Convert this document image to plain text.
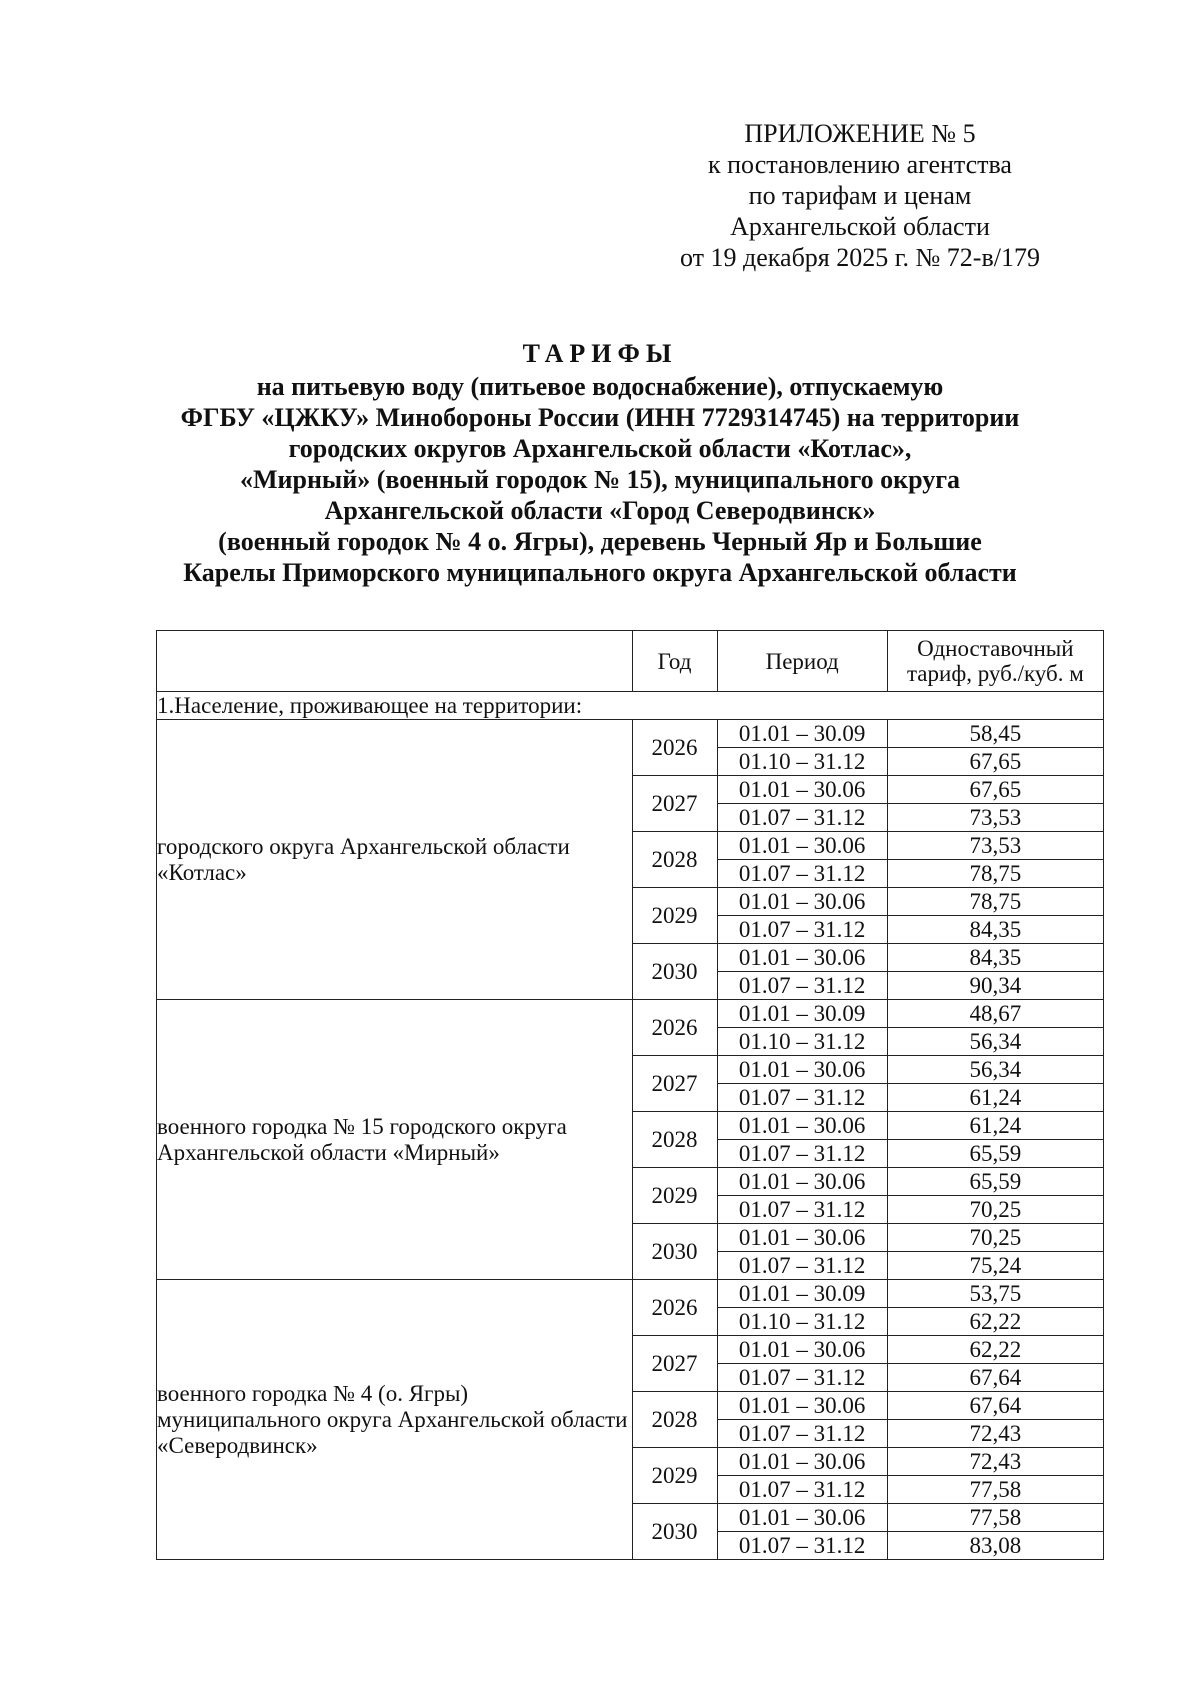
ПРИЛОЖЕНИЕ № 5
к постановлению агентства
по тарифам и ценам
Архангельской области
от 19 декабря 2025 г. № 72-в/179
ТАРИФЫ
на питьевую воду (питьевое водоснабжение), отпускаемую
ФГБУ «ЦЖКУ» Минобороны России (ИНН 7729314745) на территории
городских округов Архангельской области «Котлас»,
«Мирный» (военный городок № 15), муниципального округа
Архангельской области «Город Северодвинск»
(военный городок № 4 о. Ягры), деревень Черный Яр и Большие
Карелы Приморского муниципального округа Архангельской области
	Год	Период	Одноставочный тариф, руб./куб. м
1.Население, проживающее на территории:			
городского округа Архангельской области «Котлас»	2026	01.01 – 30.09	58,45
		01.10 – 31.12	67,65
	2027	01.01 – 30.06	67,65
		01.07 – 31.12	73,53
	2028	01.01 – 30.06	73,53
		01.07 – 31.12	78,75
	2029	01.01 – 30.06	78,75
		01.07 – 31.12	84,35
	2030	01.01 – 30.06	84,35
		01.07 – 31.12	90,34
военного городка № 15 городского округа Архангельской области «Мирный»	2026	01.01 – 30.09	48,67
		01.10 – 31.12	56,34
	2027	01.01 – 30.06	56,34
		01.07 – 31.12	61,24
	2028	01.01 – 30.06	61,24
		01.07 – 31.12	65,59
	2029	01.01 – 30.06	65,59
		01.07 – 31.12	70,25
	2030	01.01 – 30.06	70,25
		01.07 – 31.12	75,24
военного городка № 4 (о. Ягры) муниципального округа Архангельской области «Северодвинск»	2026	01.01 – 30.09	53,75
		01.10 – 31.12	62,22
	2027	01.01 – 30.06	62,22
		01.07 – 31.12	67,64
	2028	01.01 – 30.06	67,64
		01.07 – 31.12	72,43
	2029	01.01 – 30.06	72,43
		01.07 – 31.12	77,58
	2030	01.01 – 30.06	77,58
		01.07 – 31.12	83,08
